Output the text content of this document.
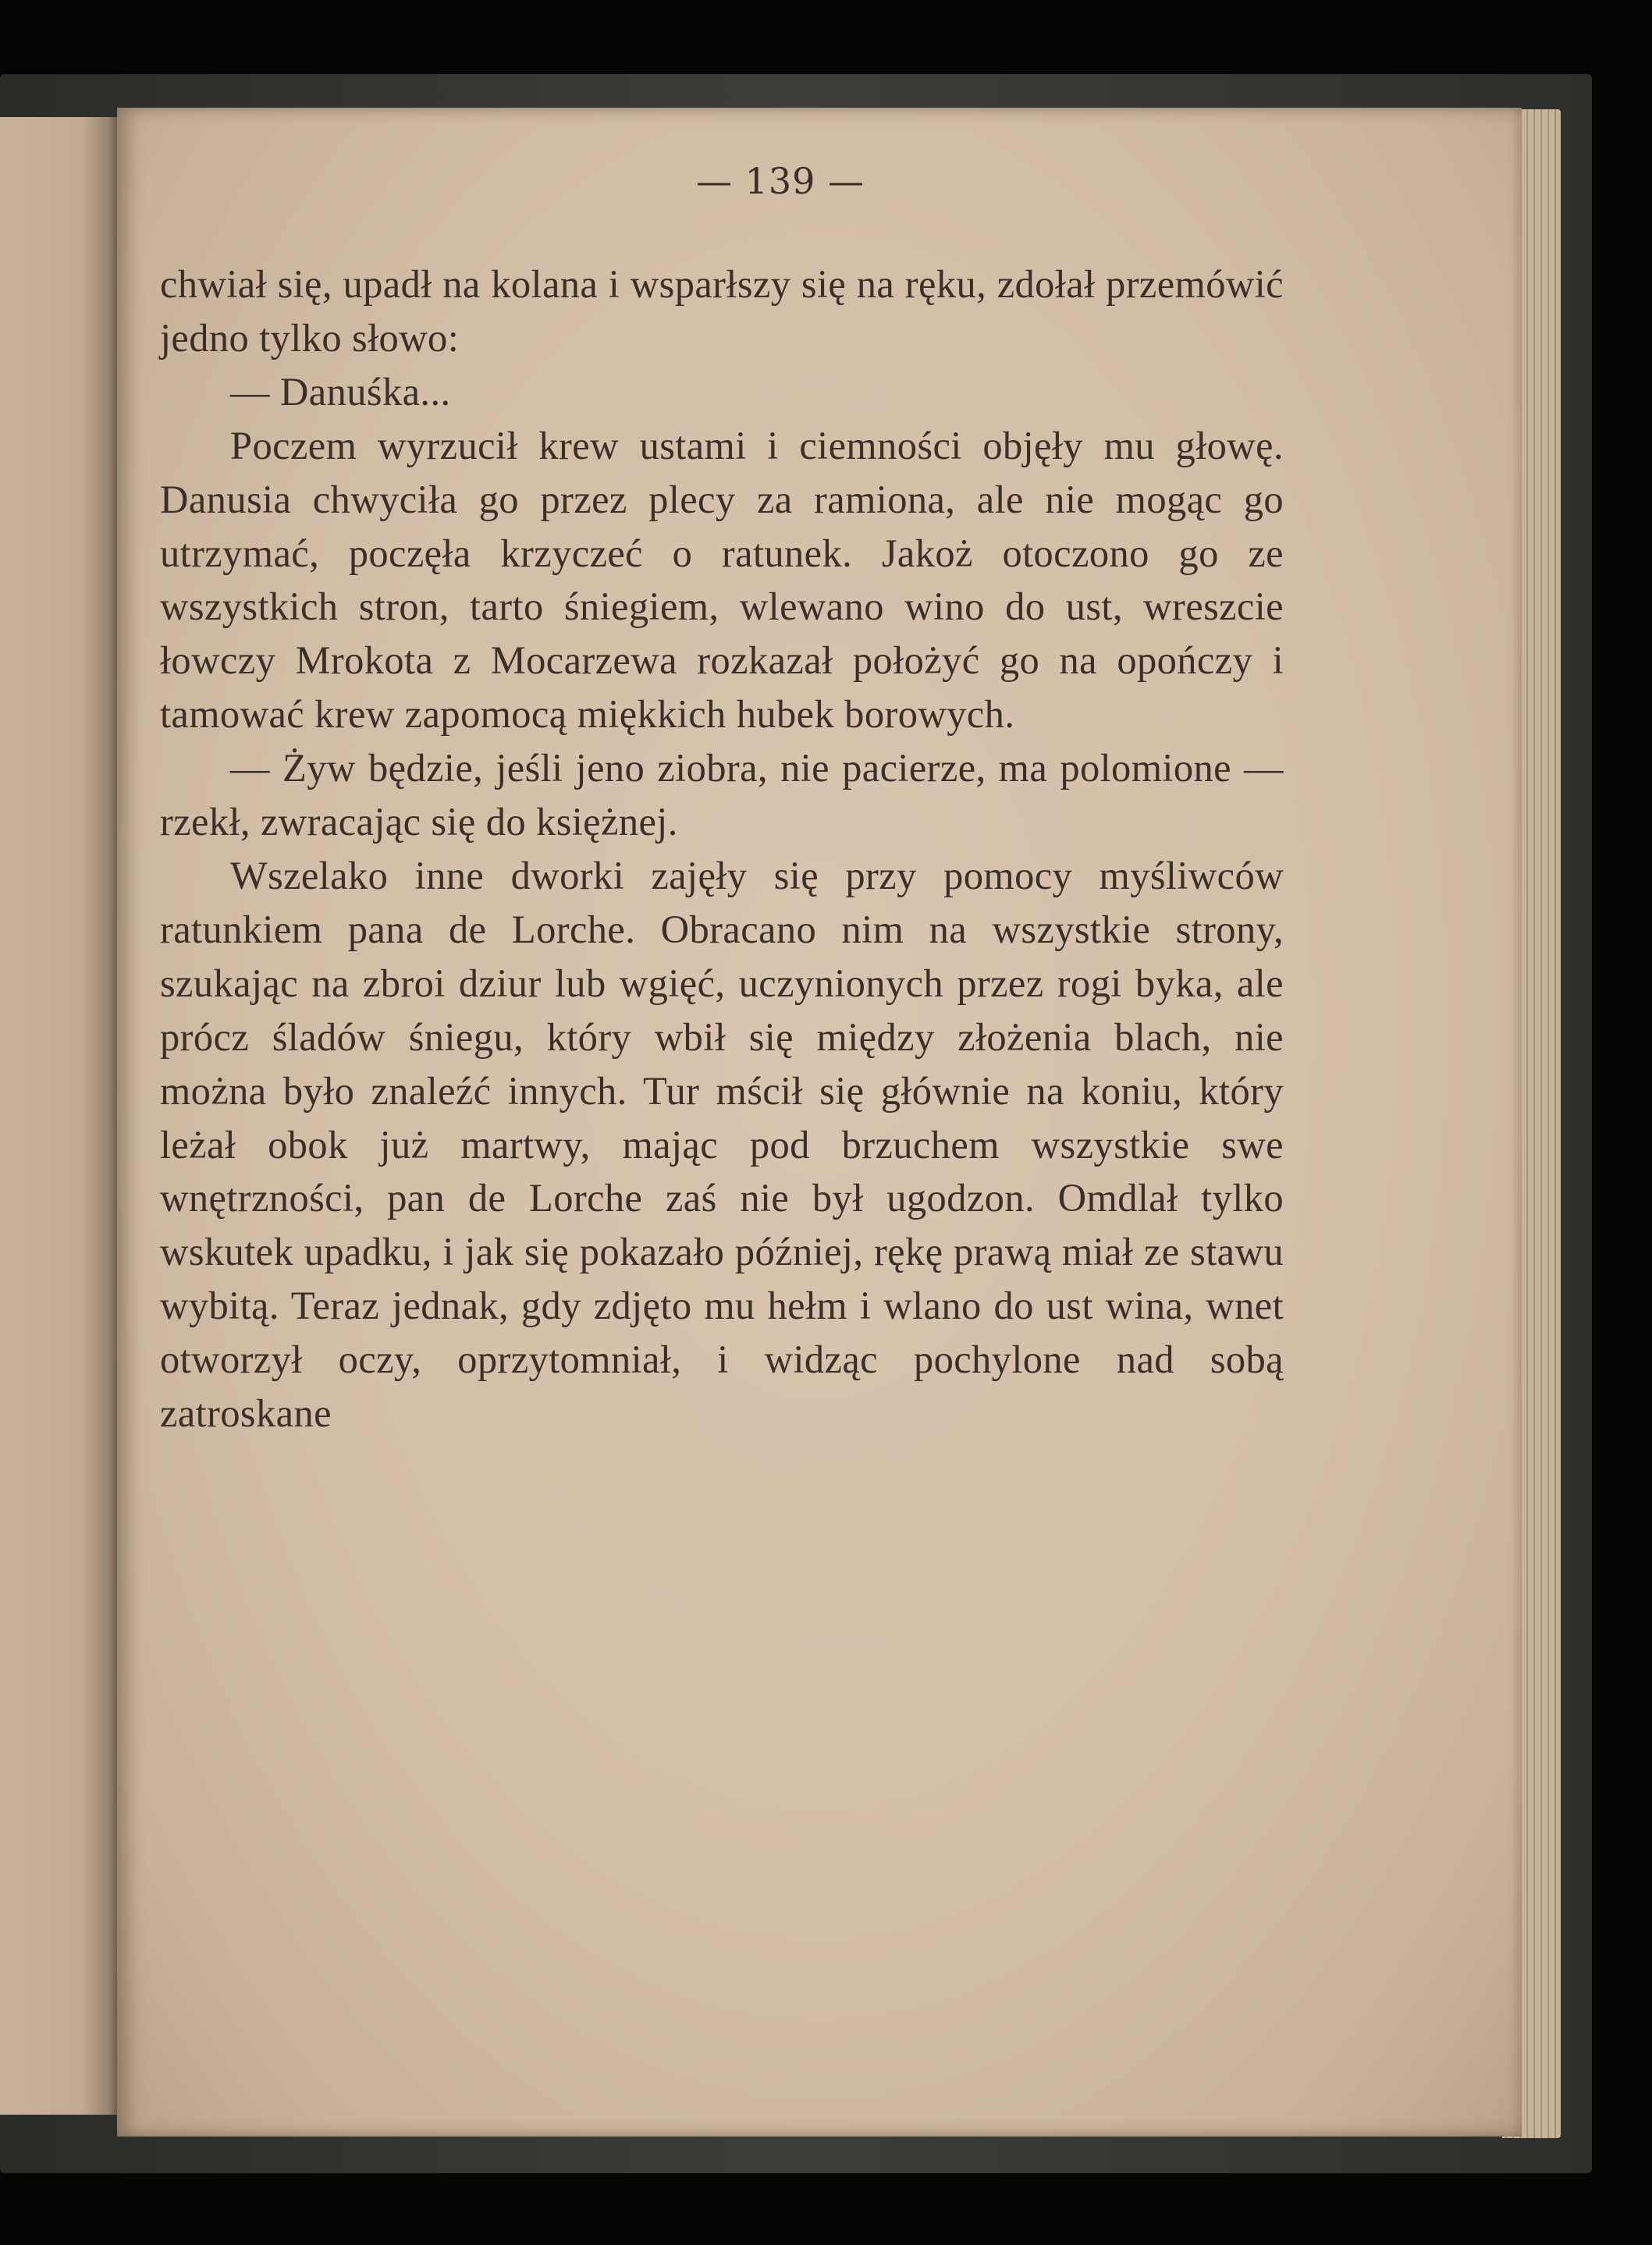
— 139 —

chwiał się, upadł na kolana i wsparłszy się na ręku, zdołał przemówić jedno tylko słowo:

— Danuśka...

Poczem wyrzucił krew ustami i ciemności objęły mu głowę. Danusia chwyciła go przez plecy za ramiona, ale nie mogąc go utrzymać, poczęła krzyczeć o ratunek. Jakoż otoczono go ze wszystkich stron, tarto śniegiem, wlewano wino do ust, wreszcie łowczy Mrokota z Mocarzewa rozkazał położyć go na opończy i tamować krew zapomocą miękkich hubek borowych.

— Żyw będzie, jeśli jeno ziobra, nie pacierze, ma polomione — rzekł, zwracając się do księżnej.

Wszelako inne dworki zajęły się przy pomocy myśliwców ratunkiem pana de Lorche. Obracano nim na wszystkie strony, szukając na zbroi dziur lub wgięć, uczynionych przez rogi byka, ale prócz śladów śniegu, który wbił się między złożenia blach, nie można było znaleźć innych. Tur mścił się głównie na koniu, który leżał obok już martwy, mając pod brzuchem wszystkie swe wnętrzności, pan de Lorche zaś nie był ugodzon. Omdlał tylko wskutek upadku, i jak się pokazało później, rękę prawą miał ze stawu wybitą. Teraz jednak, gdy zdjęto mu hełm i wlano do ust wina, wnet otworzył oczy, oprzytomniał, i widząc pochylone nad sobą zatroskane
